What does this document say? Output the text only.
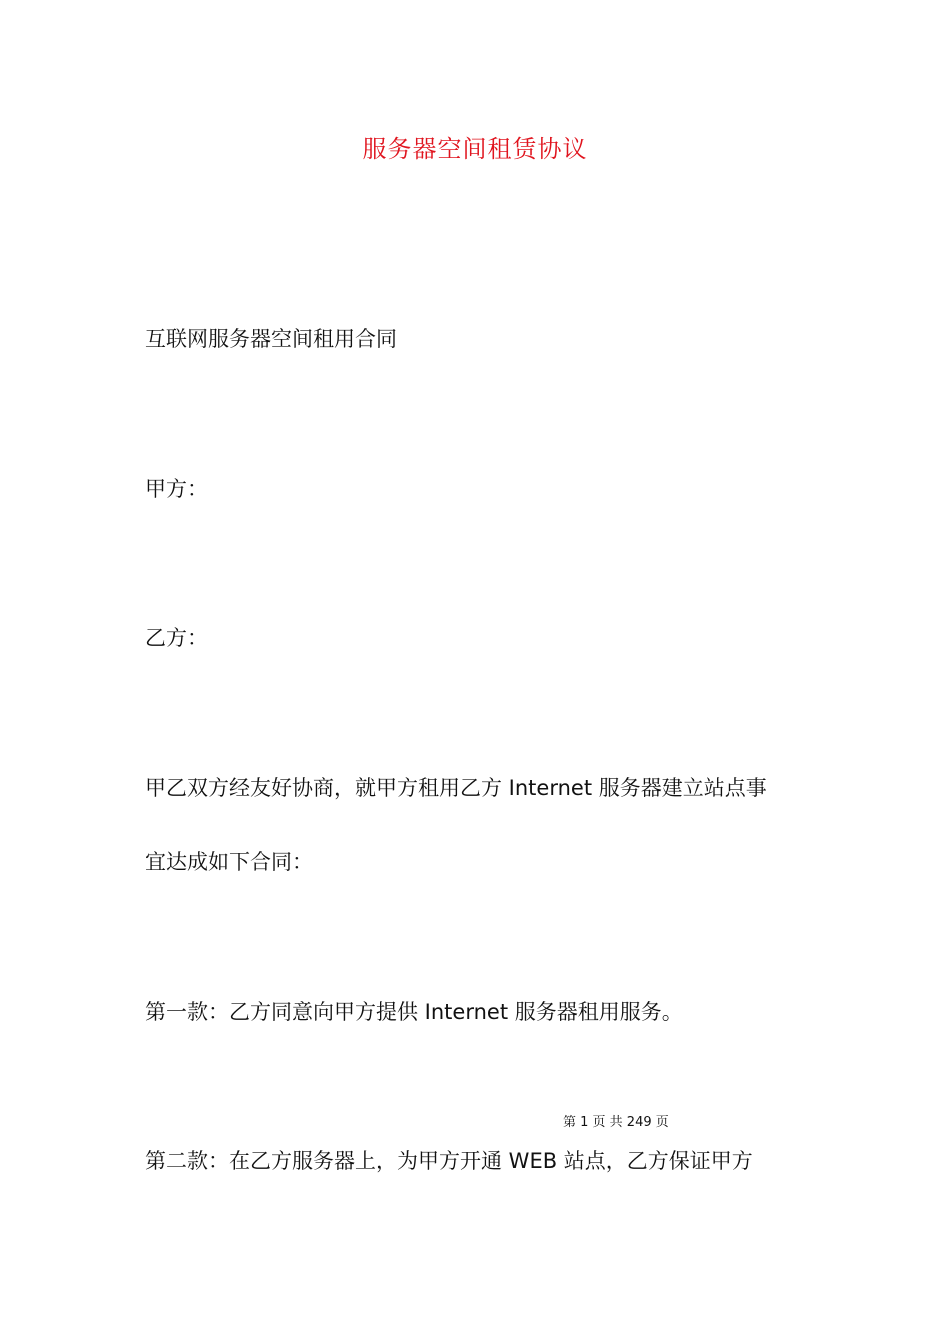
服务器空间租赁协议
互联网服务器空间租用合同
甲方：
乙方：
甲乙双方经友好协商，就甲方租用乙方 Internet 服务器建立站点事
宜达成如下合同：
第一款：乙方同意向甲方提供 Internet 服务器租用服务。
第 1 页 共 249 页
第二款：在乙方服务器上，为甲方开通 WEB 站点，乙方保证甲方
